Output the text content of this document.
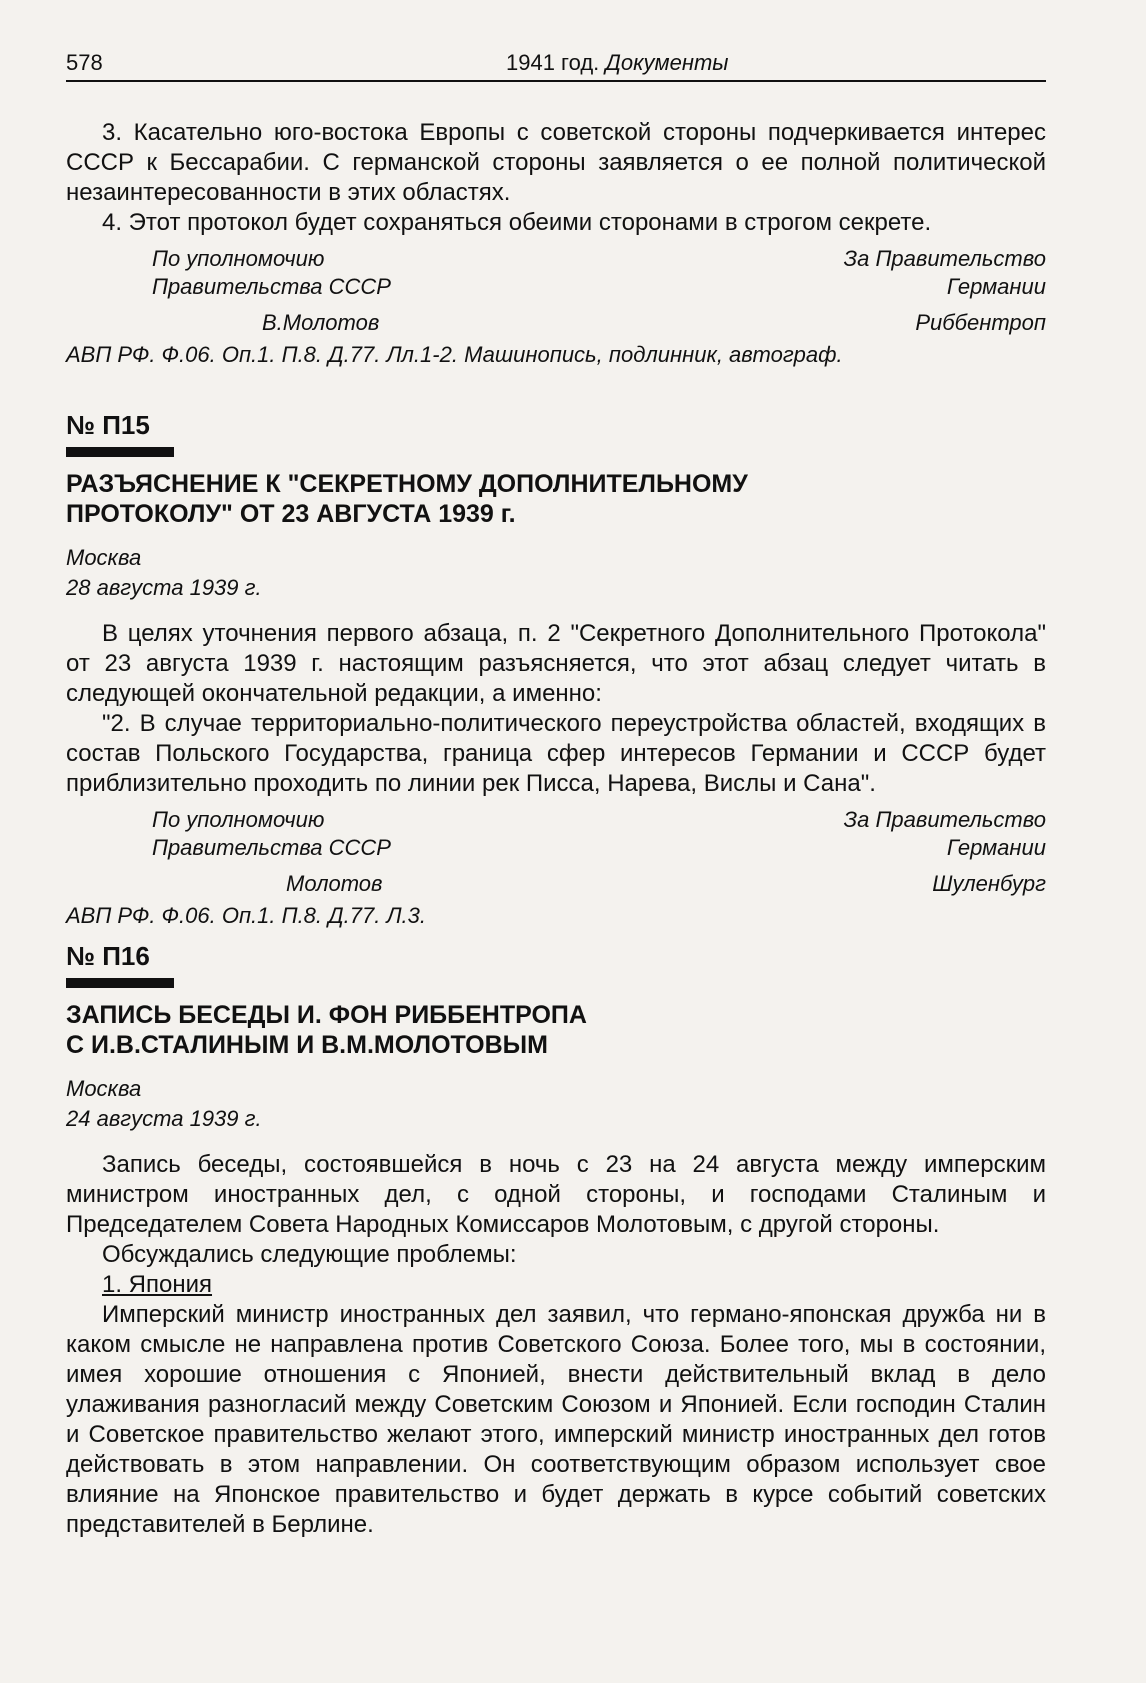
578	1941 год. Документы

3. Касательно юго-востока Европы с советской стороны подчеркивается интерес СССР к Бессарабии. С германской стороны заявляется о ее полной политической незаинтересованности в этих областях.

4. Этот протокол будет сохраняться обеими сторонами в строгом секрете.

По уполномочию
Правительства СССР
В.Молотов
За Правительство
Германии
Риббентроп
АВП РФ. Ф.06. Оп.1. П.8. Д.77. Лл.1-2. Машинопись, подлинник, автограф.
№ П15
РАЗЪЯСНЕНИЕ К "СЕКРЕТНОМУ ДОПОЛНИТЕЛЬНОМУ
ПРОТОКОЛУ" ОТ 23 АВГУСТА 1939 г.
Москва
28 августа 1939 г.

В целях уточнения первого абзаца, п. 2 "Секретного Дополнительного Протокола" от 23 августа 1939 г. настоящим разъясняется, что этот абзац следует читать в следующей окончательной редакции, а именно:

"2. В случае территориально-политического переустройства областей, входящих в состав Польского Государства, граница сфер интересов Германии и СССР будет приблизительно проходить по линии рек Писса, Нарева, Вислы и Сана".

По уполномочию
Правительства СССР
Молотов
За Правительство
Германии
Шуленбург
АВП РФ. Ф.06. Оп.1. П.8. Д.77. Л.3.
№ П16
ЗАПИСЬ БЕСЕДЫ И. ФОН РИББЕНТРОПА
С И.В.СТАЛИНЫМ И В.М.МОЛОТОВЫМ
Москва
24 августа 1939 г.

Запись беседы, состоявшейся в ночь с 23 на 24 августа между имперским министром иностранных дел, с одной стороны, и господами Сталиным и Председателем Совета Народных Комиссаров Молотовым, с другой стороны.

Обсуждались следующие проблемы:

1. Япония

Имперский министр иностранных дел заявил, что германо-японская дружба ни в каком смысле не направлена против Советского Союза. Более того, мы в состоянии, имея хорошие отношения с Японией, внести действительный вклад в дело улаживания разногласий между Советским Союзом и Японией. Если господин Сталин и Советское правительство желают этого, имперский министр иностранных дел готов действовать в этом направлении. Он соответствующим образом использует свое влияние на Японское правительство и будет держать в курсе событий советских представителей в Берлине.
